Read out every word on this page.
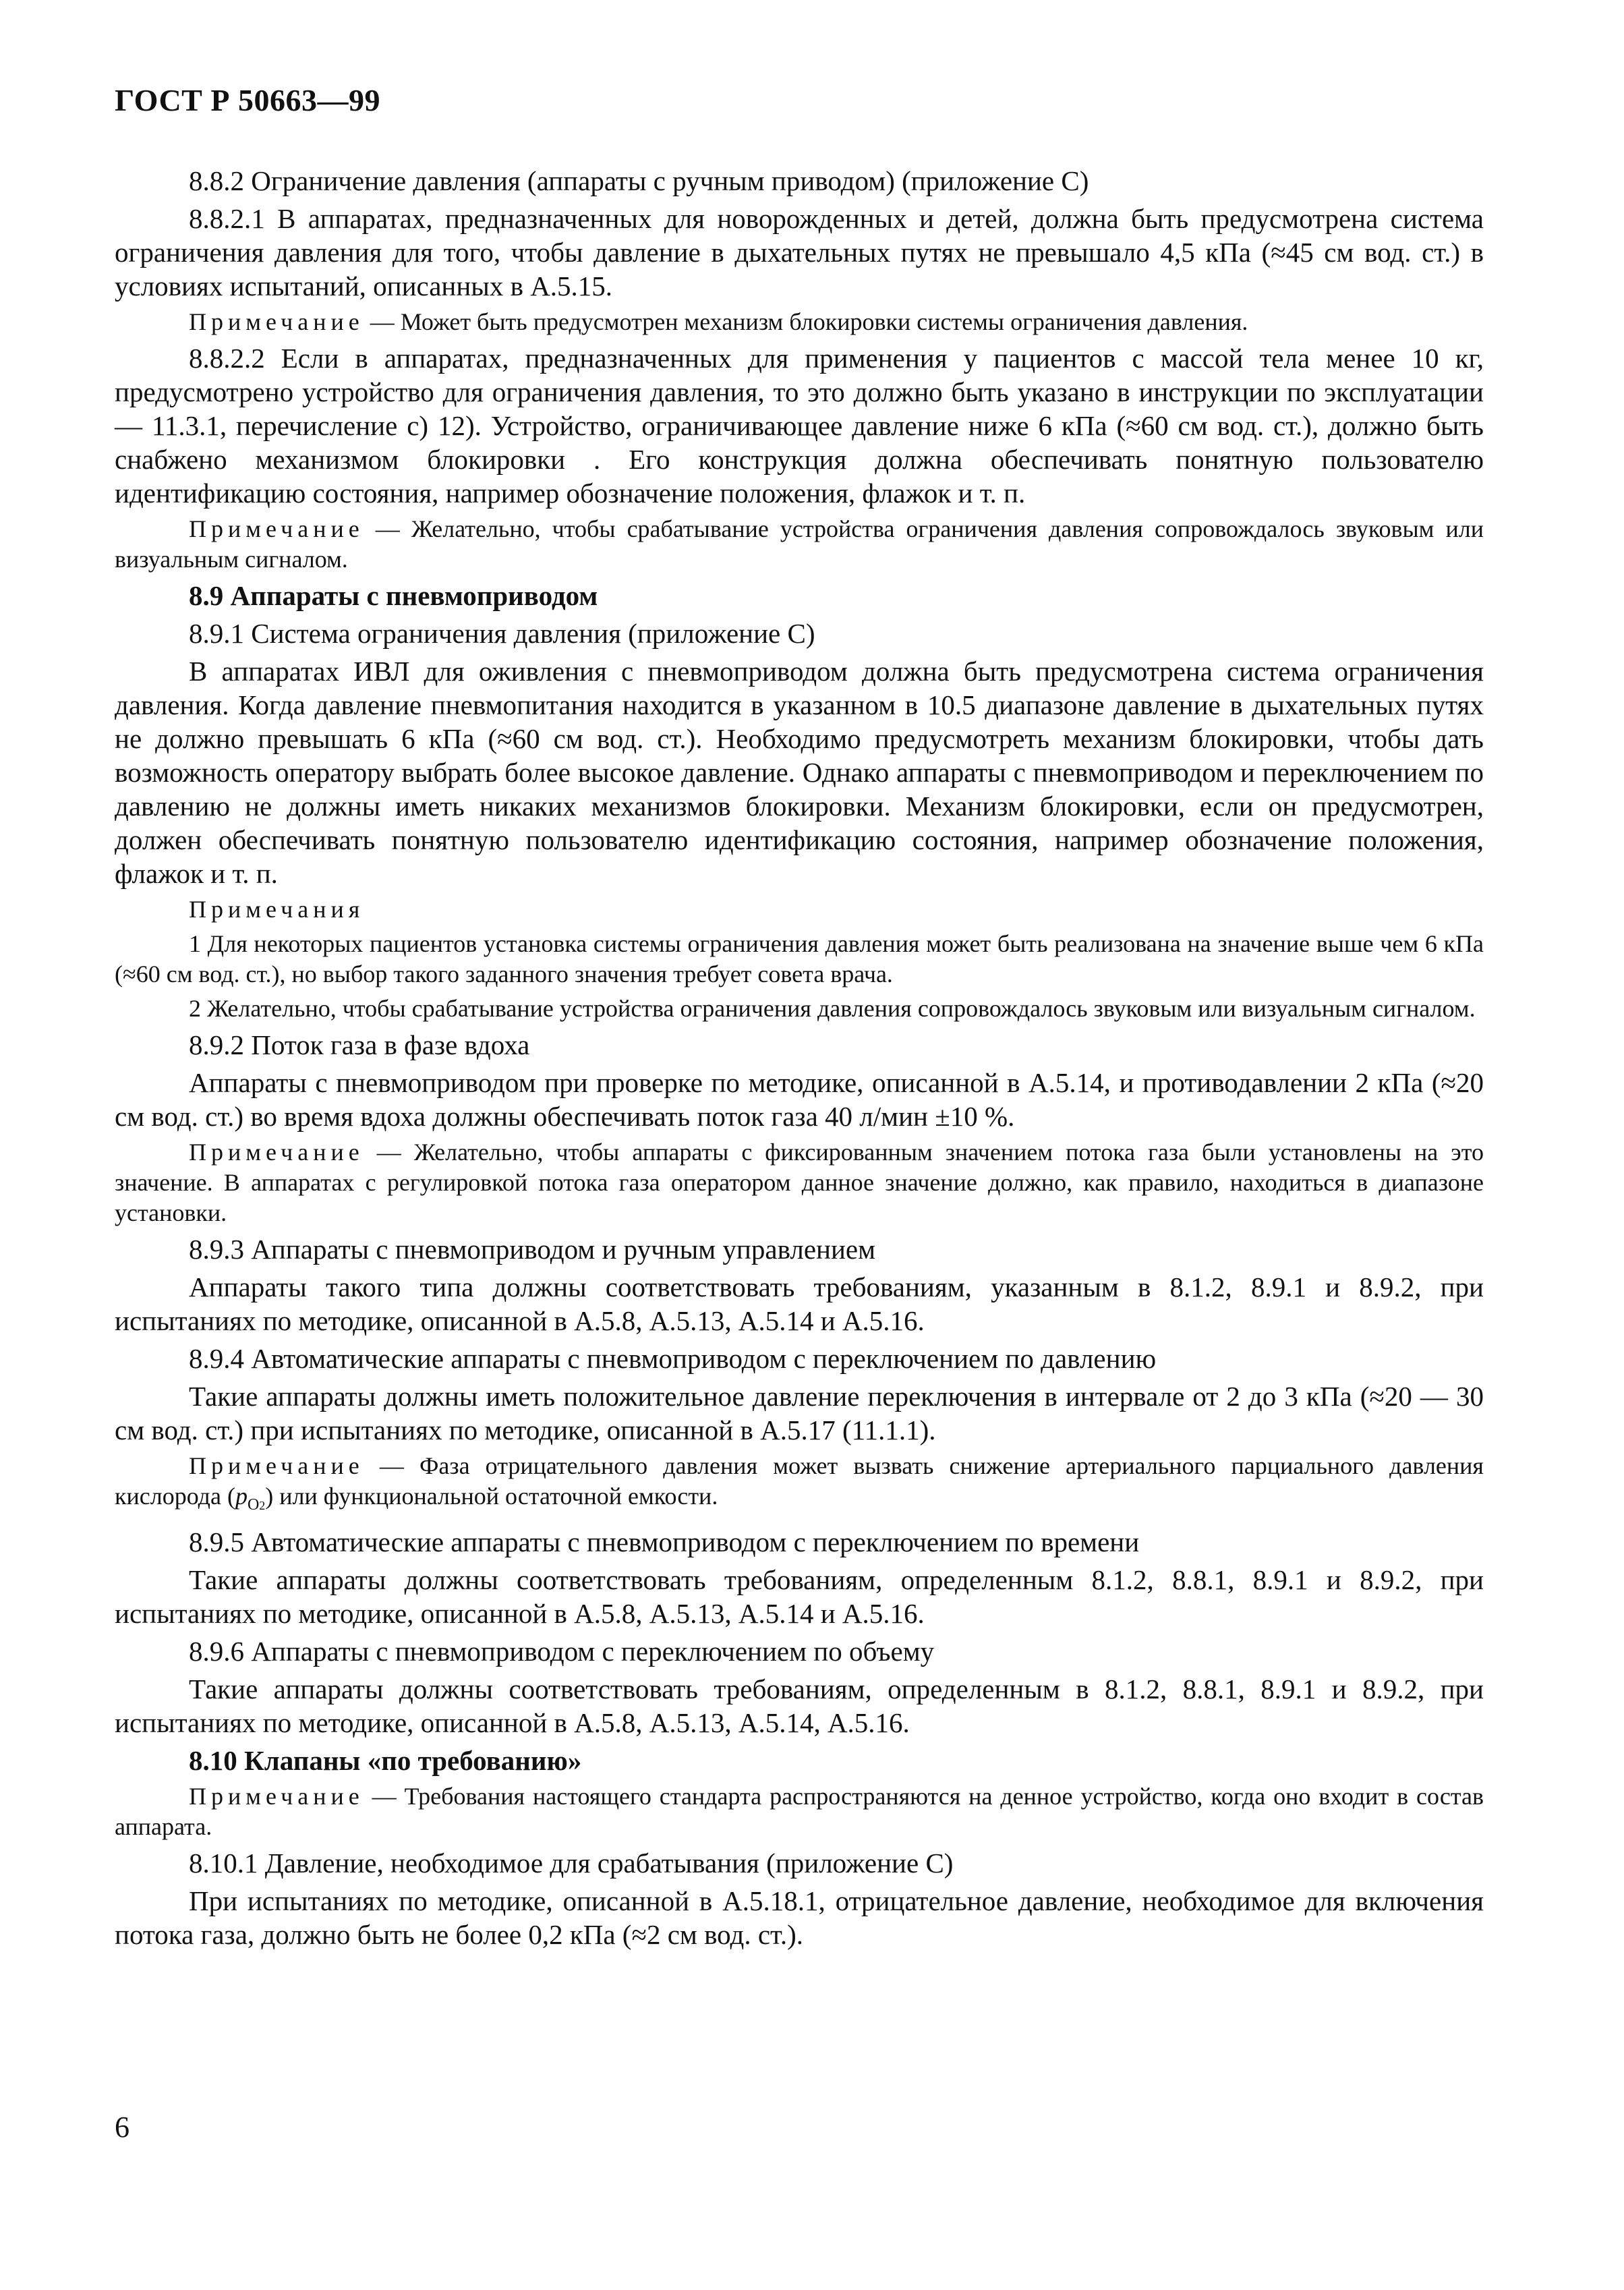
ГОСТ Р 50663—99

8.8.2 Ограничение давления (аппараты с ручным приводом) (приложение С)

8.8.2.1 В аппаратах, предназначенных для новорожденных и детей, должна быть предусмотрена система ограничения давления для того, чтобы давление в дыхательных путях не превышало 4,5 кПа (≈45 см вод. ст.) в условиях испытаний, описанных в А.5.15.

Примечание — Может быть предусмотрен механизм блокировки системы ограничения давления.

8.8.2.2 Если в аппаратах, предназначенных для применения у пациентов с массой тела менее 10 кг, предусмотрено устройство для ограничения давления, то это должно быть указано в инструкции по эксплуатации — 11.3.1, перечисление с) 12). Устройство, ограничивающее давление ниже 6 кПа (≈60 см вод. ст.), должно быть снабжено механизмом блокировки . Его конструкция должна обеспечивать понятную пользователю идентификацию состояния, например обозначение положения, флажок и т. п.

Примечание — Желательно, чтобы срабатывание устройства ограничения давления сопровождалось звуковым или визуальным сигналом.

8.9 Аппараты с пневмоприводом

8.9.1 Система ограничения давления (приложение С)

В аппаратах ИВЛ для оживления с пневмоприводом должна быть предусмотрена система ограничения давления. Когда давление пневмопитания находится в указанном в 10.5 диапазоне давление в дыхательных путях не должно превышать 6 кПа (≈60 см вод. ст.). Необходимо предусмотреть механизм блокировки, чтобы дать возможность оператору выбрать более высокое давление. Однако аппараты с пневмоприводом и переключением по давлению не должны иметь никаких механизмов блокировки. Механизм блокировки, если он предусмотрен, должен обеспечивать понятную пользователю идентификацию состояния, например обозначение положения, флажок и т. п.

Примечания

1 Для некоторых пациентов установка системы ограничения давления может быть реализована на значение выше чем 6 кПа (≈60 см вод. ст.), но выбор такого заданного значения требует совета врача.

2 Желательно, чтобы срабатывание устройства ограничения давления сопровождалось звуковым или визуальным сигналом.

8.9.2 Поток газа в фазе вдоха

Аппараты с пневмоприводом при проверке по методике, описанной в А.5.14, и противодавлении 2 кПа (≈20 см вод. ст.) во время вдоха должны обеспечивать поток газа 40 л/мин ±10 %.

Примечание — Желательно, чтобы аппараты с фиксированным значением потока газа были установлены на это значение. В аппаратах с регулировкой потока газа оператором данное значение должно, как правило, находиться в диапазоне установки.

8.9.3 Аппараты с пневмоприводом и ручным управлением

Аппараты такого типа должны соответствовать требованиям, указанным в 8.1.2, 8.9.1 и 8.9.2, при испытаниях по методике, описанной в А.5.8, А.5.13, А.5.14 и А.5.16.

8.9.4 Автоматические аппараты с пневмоприводом с переключением по давлению

Такие аппараты должны иметь положительное давление переключения в интервале от 2 до 3 кПа (≈20 — 30 см вод. ст.) при испытаниях по методике, описанной в А.5.17 (11.1.1).

Примечание — Фаза отрицательного давления может вызвать снижение артериального парциального давления кислорода $(p_{O2})$ или функциональной остаточной емкости.

8.9.5 Автоматические аппараты с пневмоприводом с переключением по времени

Такие аппараты должны соответствовать требованиям, определенным 8.1.2, 8.8.1, 8.9.1 и 8.9.2, при испытаниях по методике, описанной в А.5.8, А.5.13, А.5.14 и А.5.16.

8.9.6 Аппараты с пневмоприводом с переключением по объему

Такие аппараты должны соответствовать требованиям, определенным в 8.1.2, 8.8.1, 8.9.1 и 8.9.2, при испытаниях по методике, описанной в А.5.8, А.5.13, А.5.14, А.5.16.

8.10 Клапаны «по требованию»

Примечание — Требования настоящего стандарта распространяются на денное устройство, когда оно входит в состав аппарата.

8.10.1 Давление, необходимое для срабатывания (приложение С)

При испытаниях по методике, описанной в А.5.18.1, отрицательное давление, необходимое для включения потока газа, должно быть не более 0,2 кПа (≈2 см вод. ст.).

6
